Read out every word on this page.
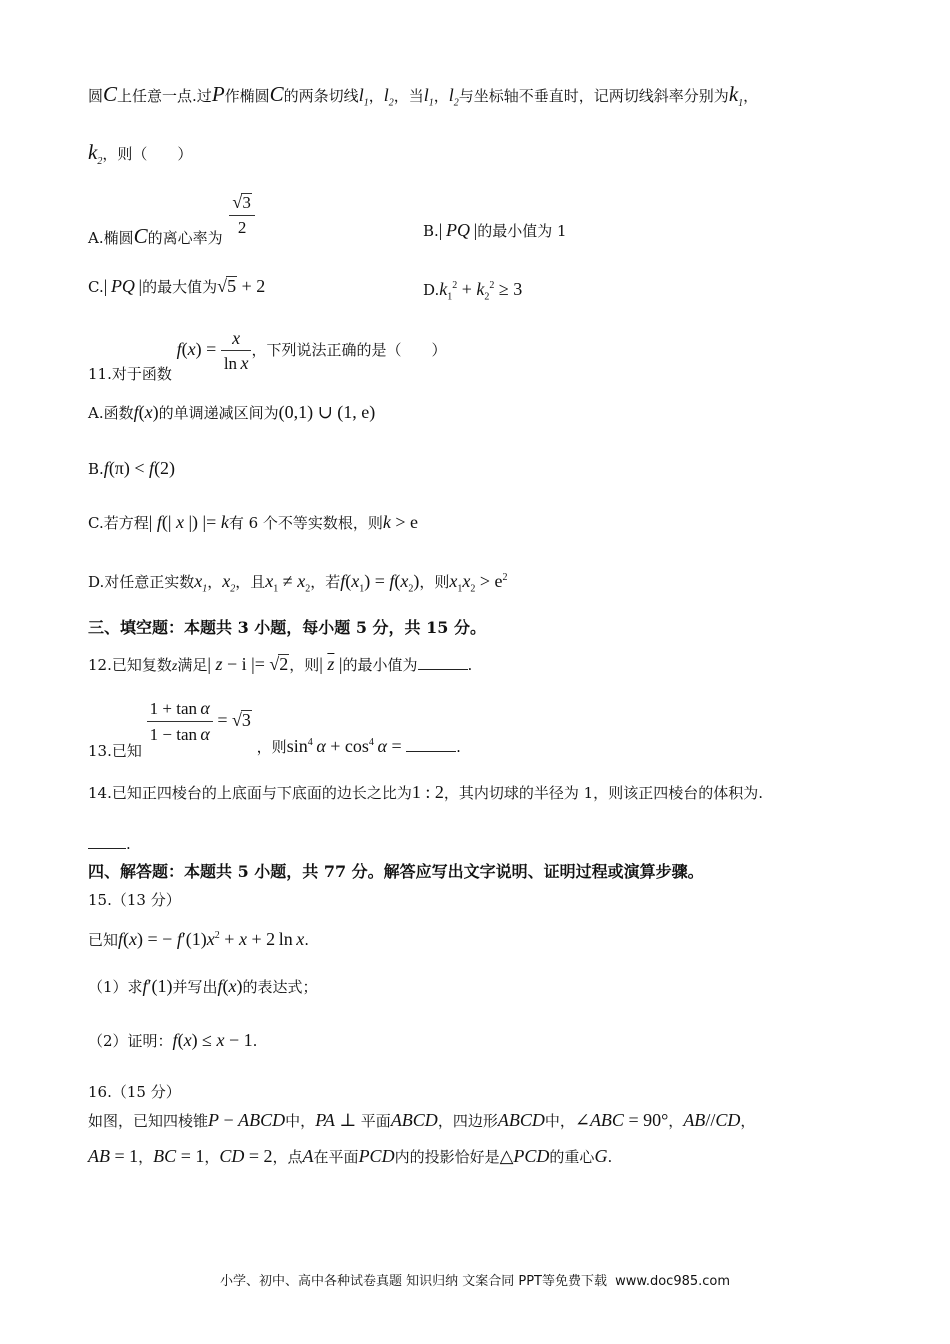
圆C上任意一点.过P作椭圆C的两条切线$l_1$，$l_2$，当$l_1$，$l_2$与坐标轴不垂直时，记两切线斜率分别为$k_1$，
$k_2$，则（　　）
A.椭圆C的离心率为 $\frac{√3}{2}$	B.| PQ |的最小值为 1
C.| PQ |的最大值为√5 + 2	$D.k_1^2 + k_2^2 \ge 3$
11.对于函数 $f(x) = \frac{x}{\text{ln x}}$ ，下列说法正确的是（　　）
A.函数f(x)的单调递减区间为(0,1) ∪ (1, e)
B.f(π) < f(2)
C.若方程| f(| x |) |= k有 6 个不等实数根，则k > e
D.对任意正实数$x_1$，$x_2$，且$x_1 \ne x_2$，若$f(x_1) = f(x_2)$，则$x_1x_2 > e^2$
三、填空题：本题共 3 小题，每小题 5 分，共 15 分。
12.已知复数z满足| z − i |= √2，则| $\overline{z}$ |的最小值为	.
13.已知
$\frac{\text{1 + tan α}}{\text{1 − tan α}} = √3$ ，则$\sin^4 \alpha + \cos^4 \alpha$ =	.
14.已知正四棱台的上底面与下底面的边长之比为1 : 2，其内切球的半径为 1，则该正四棱台的体积为.
.
四、解答题：本题共 5 小题，共 77 分。解答应写出文字说明、证明过程或演算步骤。
15.（13 分）
已知f(x) = − $f'(1)x^2 + x + 2$ ln x.
（1）求f′(1)并写出f(x)的表达式；
（2）证明：f(x) ≤ x − 1.
16.（15 分）
如图，已知四棱锥P − ABCD中，PA ⊥ 平面ABCD，四边形ABCD中，∠ABC = 90°，AB//CD，
AB = 1，BC = 1，CD = 2，点A在平面PCD内的投影恰好是△PCD的重心G.
小学、初中、高中各种试卷真题 知识归纳 文案合同 PPT等免费下载 www.doc985.com
